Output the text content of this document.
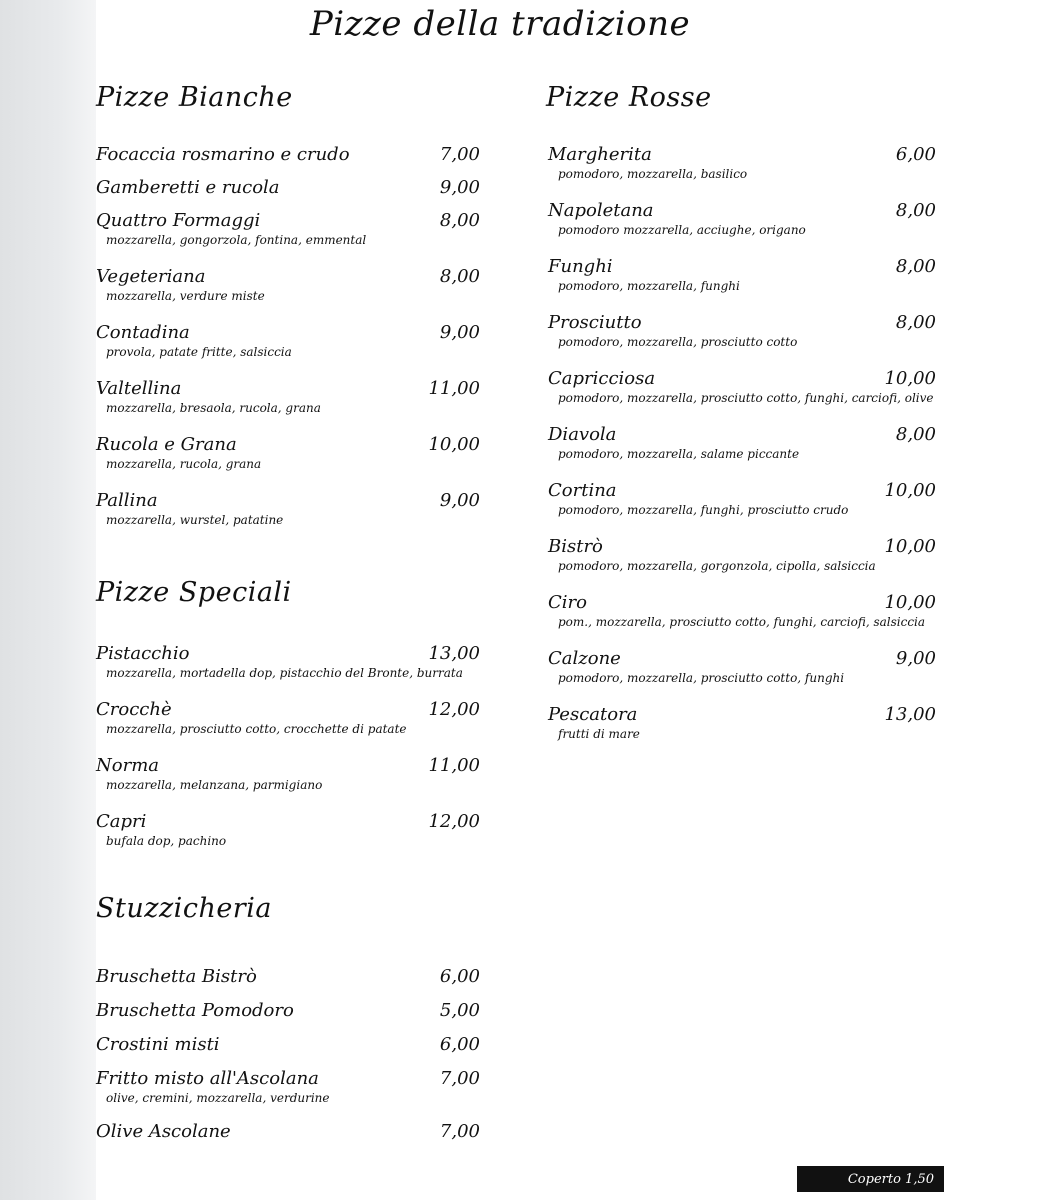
Pizze della tradizione
Pizze Bianche	Pizze Rosse
Pizze Speciali
Stuzzicheria
Focaccia rosmarino e crudo	7,00
Gamberetti e rucola	9,00
Quattro Formaggi	8,00
mozzarella, gongorzola, fontina, emmental
Vegeteriana	8,00
mozzarella, verdure miste
Contadina	9,00
provola, patate fritte, salsiccia
Valtellina	11,00
mozzarella, bresaola, rucola, grana
Rucola e Grana	10,00
mozzarella, rucola, grana
Pallina	9,00
mozzarella, wurstel, patatine
Pistacchio	13,00
mozzarella, mortadella dop, pistacchio del Bronte, burrata
Crocchè	12,00
mozzarella, prosciutto cotto, crocchette di patate
Norma	11,00
mozzarella, melanzana, parmigiano
Capri	12,00
bufala dop, pachino
Bruschetta Bistrò	6,00
Bruschetta Pomodoro	5,00
Crostini misti	6,00
Fritto misto all'Ascolana	7,00
olive, cremini, mozzarella, verdurine
Olive Ascolane	7,00
Margherita	6,00
pomodoro, mozzarella, basilico
Napoletana	8,00
pomodoro mozzarella, acciughe, origano
Funghi	8,00
pomodoro, mozzarella, funghi
Prosciutto	8,00
pomodoro, mozzarella, prosciutto cotto
Capricciosa	10,00
pomodoro, mozzarella, prosciutto cotto, funghi, carciofi, olive
Diavola	8,00
pomodoro, mozzarella, salame piccante
Cortina	10,00
pomodoro, mozzarella, funghi, prosciutto crudo
Bistrò	10,00
pomodoro, mozzarella, gorgonzola, cipolla, salsiccia
Ciro	10,00
pom., mozzarella, prosciutto cotto, funghi, carciofi, salsiccia
Calzone	9,00
pomodoro, mozzarella, prosciutto cotto, funghi
Pescatora	13,00
frutti di mare
Coperto 1,50
